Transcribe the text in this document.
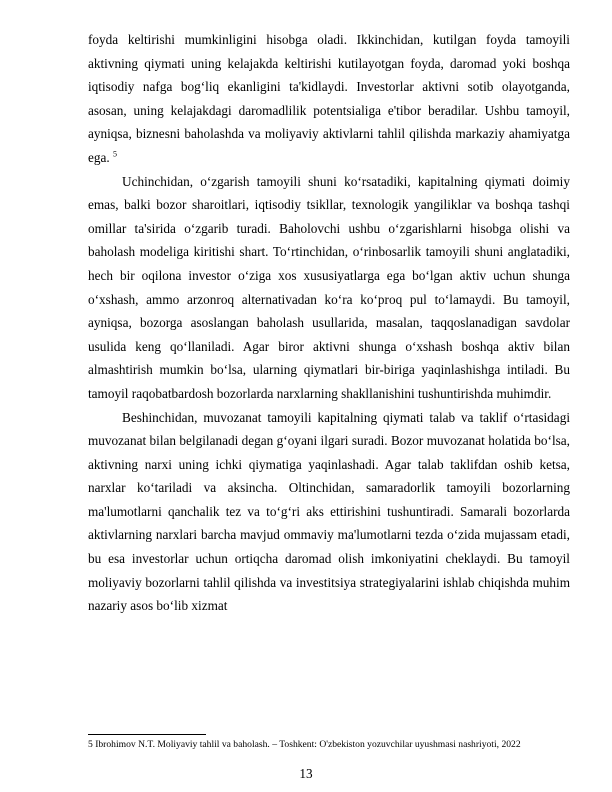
foyda keltirishi mumkinligini hisobga oladi. Ikkinchidan, kutilgan foyda tamoyili aktivning qiymati uning kelajakda keltirishi kutilayotgan foyda, daromad yoki boshqa iqtisodiy nafga bog‘liq ekanligini ta'kidlaydi. Investorlar aktivni sotib olayotganda, asosan, uning kelajakdagi daromadlilik potentsialiga e'tibor beradilar. Ushbu tamoyil, ayniqsa, biznesni baholashda va moliyaviy aktivlarni tahlil qilishda markaziy ahamiyatga ega. $^5$

Uchinchidan, o‘zgarish tamoyili shuni ko‘rsatadiki, kapitalning qiymati doimiy emas, balki bozor sharoitlari, iqtisodiy tsikllar, texnologik yangiliklar va boshqa tashqi omillar ta'sirida o‘zgarib turadi. Baholovchi ushbu o‘zgarishlarni hisobga olishi va baholash modeliga kiritishi shart. To‘rtinchidan, o‘rinbosarlik tamoyili shuni anglatadiki, hech bir oqilona investor o‘ziga xos xususiyatlarga ega bo‘lgan aktiv uchun shunga o‘xshash, ammo arzonroq alternativadan ko‘ra ko‘proq pul to‘lamaydi. Bu tamoyil, ayniqsa, bozorga asoslangan baholash usullarida, masalan, taqqoslanadigan savdolar usulida keng qo‘llaniladi. Agar biror aktivni shunga o‘xshash boshqa aktiv bilan almashtirish mumkin bo‘lsa, ularning qiymatlari bir-biriga yaqinlashishga intiladi. Bu tamoyil raqobatbardosh bozorlarda narxlarning shakllanishini tushuntirishda muhimdir.

Beshinchidan, muvozanat tamoyili kapitalning qiymati talab va taklif o‘rtasidagi muvozanat bilan belgilanadi degan g‘oyani ilgari suradi. Bozor muvozanat holatida bo‘lsa, aktivning narxi uning ichki qiymatiga yaqinlashadi. Agar talab taklifdan oshib ketsa, narxlar ko‘tariladi va aksincha. Oltinchidan, samaradorlik tamoyili bozorlarning ma'lumotlarni qanchalik tez va to‘g‘ri aks ettirishini tushuntiradi. Samarali bozorlarda aktivlarning narxlari barcha mavjud ommaviy ma'lumotlarni tezda o‘zida mujassam etadi, bu esa investorlar uchun ortiqcha daromad olish imkoniyatini cheklaydi. Bu tamoyil moliyaviy bozorlarni tahlil qilishda va investitsiya strategiyalarini ishlab chiqishda muhim nazariy asos bo‘lib xizmat

5 Ibrohimov N.T. Moliyaviy tahlil va baholash. – Toshkent: O'zbekiston yozuvchilar uyushmasi nashriyoti, 2022
13
